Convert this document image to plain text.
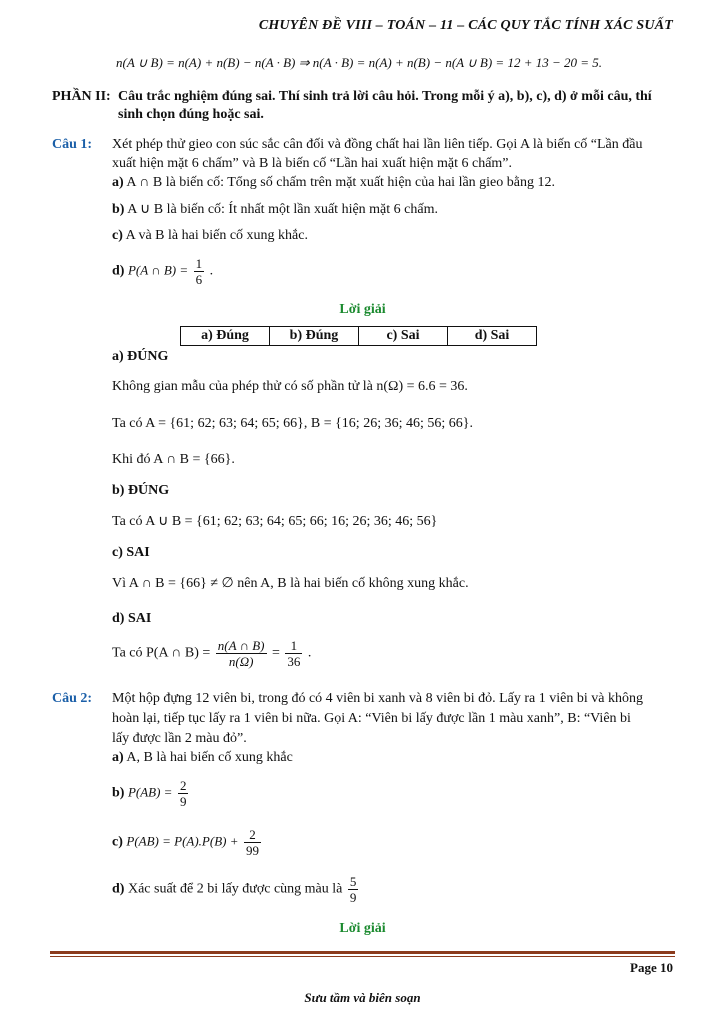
CHUYÊN ĐỀ VIII – TOÁN – 11 – CÁC QUY TẮC TÍNH XÁC SUẤT
n(A ∪ B) = n(A) + n(B) − n(A · B) ⇒ n(A · B) = n(A) + n(B) − n(A ∪ B) = 12 + 13 − 20 = 5.
PHẦN II: Câu trắc nghiệm đúng sai. Thí sinh trả lời câu hỏi. Trong mỗi ý a), b), c), d) ở mỗi câu, thí
sinh chọn đúng hoặc sai.
Câu 1: Xét phép thử gieo con súc sắc cân đối và đồng chất hai lần liên tiếp. Gọi A là biến cố “Lần đầu
xuất hiện mặt 6 chấm” và B là biến cố “Lần hai xuất hiện mặt 6 chấm”.
a) A ∩ B là biến cố: Tổng số chấm trên mặt xuất hiện của hai lần gieo bằng 12.
b) A ∪ B là biến cố: Ít nhất một lần xuất hiện mặt 6 chấm.
c) A và B là hai biến cố xung khắc.
d) P(A ∩ $B) = \frac{1}{6}$ .
Lời giải
a) Đúng	b) Đúng	c) Sai	d) Sai
a) ĐÚNG
Không gian mẫu của phép thử có số phần tử là n(Ω) = 6.6 = 36.
Ta có A = {61; 62; 63; 64; 65; 66}, B = {16; 26; 36; 46; 56; 66}.
Khi đó A ∩ B = {66}.
b) ĐÚNG
Ta có A ∪ B = {61; 62; 63; 64; 65; 66; 16; 26; 36; 46; 56}
c) SAI
Vì A ∩ B = {66} ≠ ∅ nên A, B là hai biến cố không xung khắc.
d) SAI
Ta có P(A ∩ $B) = \frac{n(A \cap B)}{n(\Omega)} = \frac{1}{36}$ .
Câu 2: Một hộp đựng 12 viên bi, trong đó có 4 viên bi xanh và 8 viên bi đỏ. Lấy ra 1 viên bi và không
hoàn lại, tiếp tục lấy ra 1 viên bi nữa. Gọi A: “Viên bi lấy được lần 1 màu xanh”, B: “Viên bi
lấy được lần 2 màu đỏ”.
a) A, B là hai biến cố xung khắc
b) $P(AB) = \frac{2}{9}$
c) $P(AB) = P(A).P(B) + \frac{2}{99}$
d) Xác suất để 2 bi lấy được cùng màu là $\frac{5}{9}$
Lời giải
Page 10
Sưu tầm và biên soạn
